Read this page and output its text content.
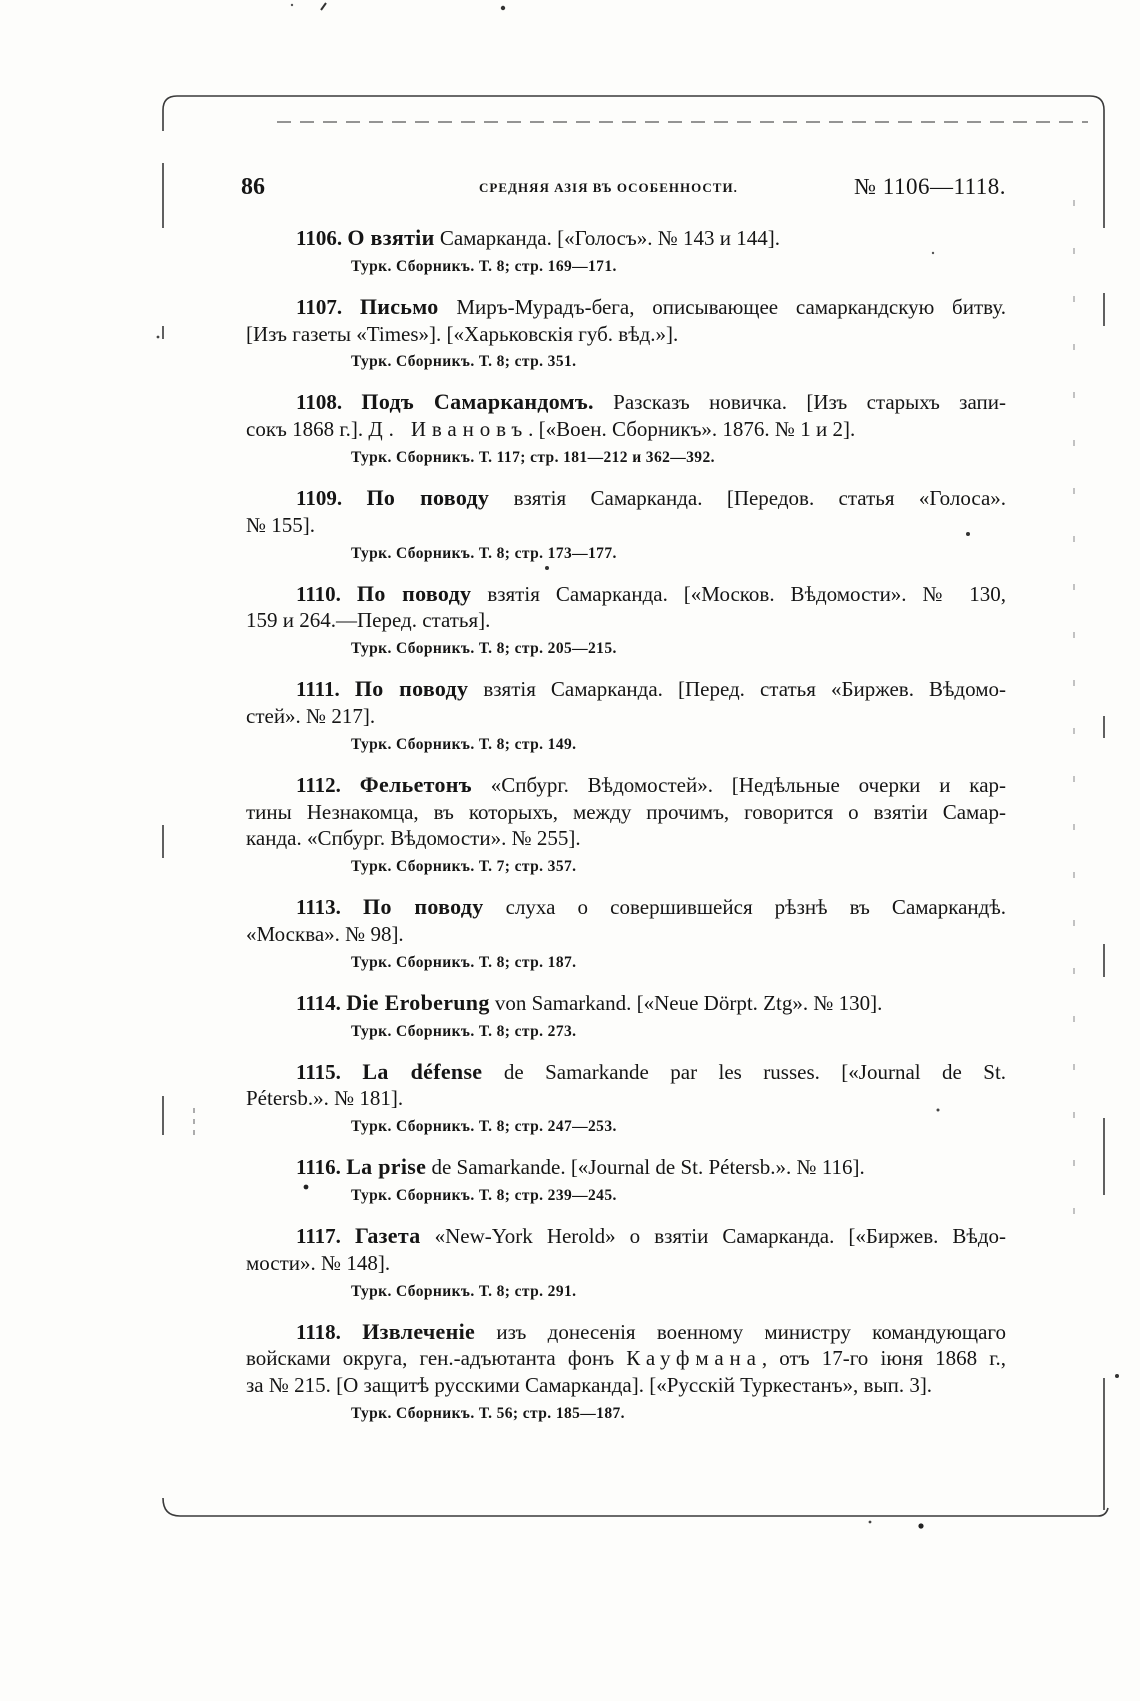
86	СРЕДНЯЯ АЗІЯ ВЪ ОСОБЕННОСТИ.	№ 1106—1118.
1106. О взятіи Самарканда. [«Голосъ». № 143 и 144].
Турк. Сборникъ. Т. 8; стр. 169—171.
1107. Письмо Миръ-Мурадъ-бега, описывающее самаркандскую битву.
[Изъ газеты «Times»]. [«Харьковскія губ. вѣд.»].
Турк. Сборникъ. Т. 8; стр. 351.
1108. Подъ Самаркандомъ. Разсказъ новичка. [Изъ старыхъ запи-
сокъ 1868 г.]. Д. Ивановъ. [«Воен. Сборникъ». 1876. № 1 и 2].
Турк. Сборникъ. Т. 117; стр. 181—212 и 362—392.
1109. По поводу взятія Самарканда. [Передов. статья «Голоса».
№ 155].
Турк. Сборникъ. Т. 8; стр. 173—177.
1110. По поводу взятія Самарканда. [«Москов. Вѣдомости». № 130,
159 и 264.—Перед. статья].
Турк. Сборникъ. Т. 8; стр. 205—215.
1111. По поводу взятія Самарканда. [Перед. статья «Биржев. Вѣдомо-
стей». № 217].
Турк. Сборникъ. Т. 8; стр. 149.
1112. Фельетонъ «Спбург. Вѣдомостей». [Недѣльные очерки и кар-
тины Незнакомца, въ которыхъ, между прочимъ, говорится о взятіи Самар-
канда. «Спбург. Вѣдомости». № 255].
Турк. Сборникъ. Т. 7; стр. 357.
1113. По поводу слуха о совершившейся рѣзнѣ въ Самаркандѣ.
«Москва». № 98].
Турк. Сборникъ. Т. 8; стр. 187.
1114. Die Eroberung von Samarkand. [«Neue Dörpt. Ztg». № 130].
Турк. Сборникъ. Т. 8; стр. 273.
1115. La défense de Samarkande par les russes. [«Journal de St.
Pétersb.». № 181].
Турк. Сборникъ. Т. 8; стр. 247—253.
1116. La prise de Samarkande. [«Journal de St. Pétersb.». № 116].
Турк. Сборникъ. Т. 8; стр. 239—245.
1117. Газета «New-York Herold» о взятіи Самарканда. [«Биржев. Вѣдо-
мости». № 148].
Турк. Сборникъ. Т. 8; стр. 291.
1118. Извлеченіе изъ донесенія военному министру командующаго
войсками округа, ген.-адъютанта фонъ Кауфмана, отъ 17-го іюня 1868 г.,
за № 215. [О защитѣ русскими Самарканда]. [«Русскій Туркестанъ», вып. 3].
Турк. Сборникъ. Т. 56; стр. 185—187.
